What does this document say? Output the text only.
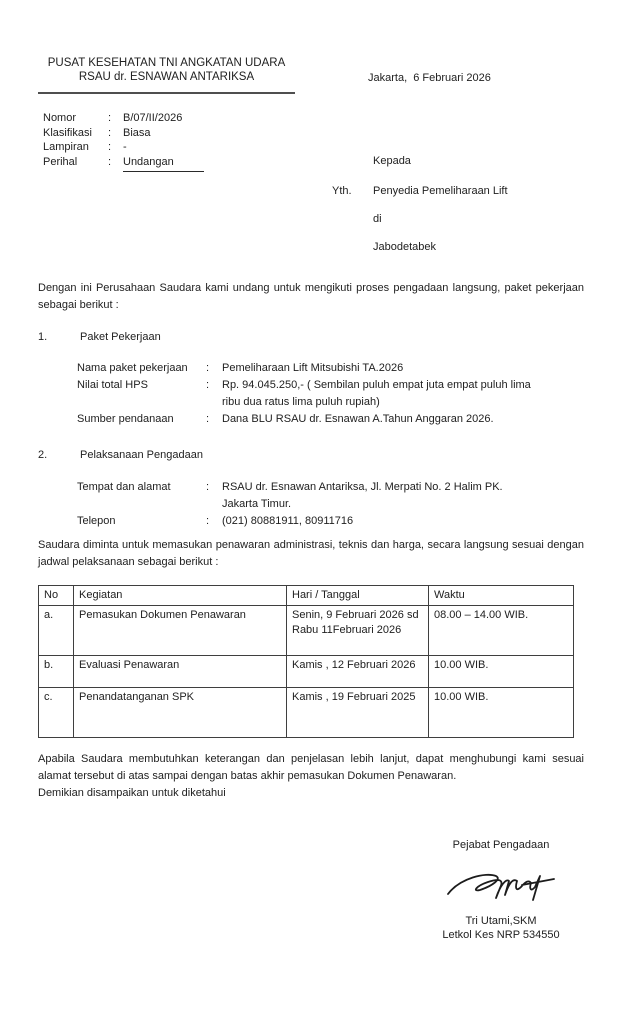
PUSAT KESEHATAN TNI ANGKATAN UDARA
RSAU dr. ESNAWAN ANTARIKSA	Jakarta,  6 Februari 2026
Nomor	:	B/07/II/2026
Klasifikasi	:	Biasa
Lampiran	:	-
Perihal	:	Undangan	Kepada
Yth.	Penyedia Pemeliharaan Lift
di
Jabodetabek
Dengan ini Perusahaan Saudara kami undang untuk mengikuti proses pengadaan langsung, paket pekerjaan sebagai berikut :
1.	Paket Pekerjaan
Nama paket pekerjaan	:	Pemeliharaan Lift Mitsubishi TA.2026
Nilai total HPS	:	Rp. 94.045.250,- ( Sembilan puluh empat juta empat puluh lima
ribu dua ratus lima puluh rupiah)
Sumber pendanaan	:	Dana BLU RSAU dr. Esnawan A.Tahun Anggaran 2026.
2.	Pelaksanaan Pengadaan
Tempat dan alamat	:	RSAU dr. Esnawan Antariksa, Jl. Merpati No. 2 Halim PK.
Jakarta Timur.
Telepon	:	(021) 80881911, 80911716
Saudara diminta untuk memasukan penawaran administrasi, teknis dan harga, secara langsung sesuai dengan jadwal pelaksanaan sebagai berikut :
No	Kegiatan	Hari / Tanggal	Waktu
a.	Pemasukan Dokumen Penawaran	Senin, 9 Februari 2026 sd Rabu 11Februari 2026	08.00 – 14.00 WIB.
b.	Evaluasi Penawaran	Kamis , 12 Februari 2026	10.00 WIB.
c.	Penandatanganan SPK	Kamis , 19 Februari 2025	10.00 WIB.
Apabila Saudara membutuhkan keterangan dan penjelasan lebih lanjut, dapat menghubungi kami sesuai alamat tersebut di atas sampai dengan batas akhir pemasukan Dokumen Penawaran.
Demikian disampaikan untuk diketahui
Pejabat Pengadaan
Tri Utami,SKM
Letkol Kes NRP 534550
